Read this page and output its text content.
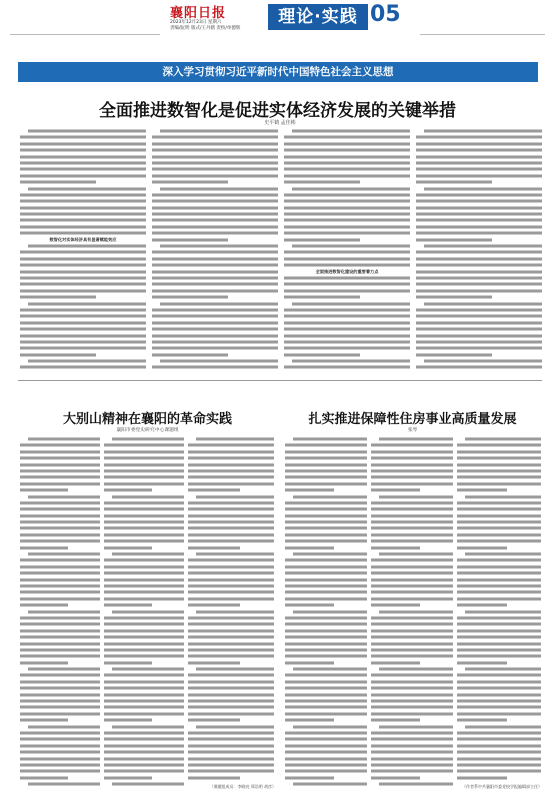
襄阳日报
2023年12月23日 星期六
责编/阮明 版式/王丹鹤 责校/单德辉
理论·实践 05
深入学习贯彻习近平新时代中国特色社会主义思想
全面推进数智化是促进实体经济发展的关键举措
史平鹤 孟佳彬
数智化对实体经济具有显著赋能效应
全面推进数智化建设的重要着力点
大别山精神在襄阳的革命实践
襄阳市委党史研究中心课题组
（课题组成员：李晓亮 郑浩明 胡彦）
扎实推进保障性住房事业高质量发展
张琴
（作者系中共襄阳市委党校学报编辑部主任）
